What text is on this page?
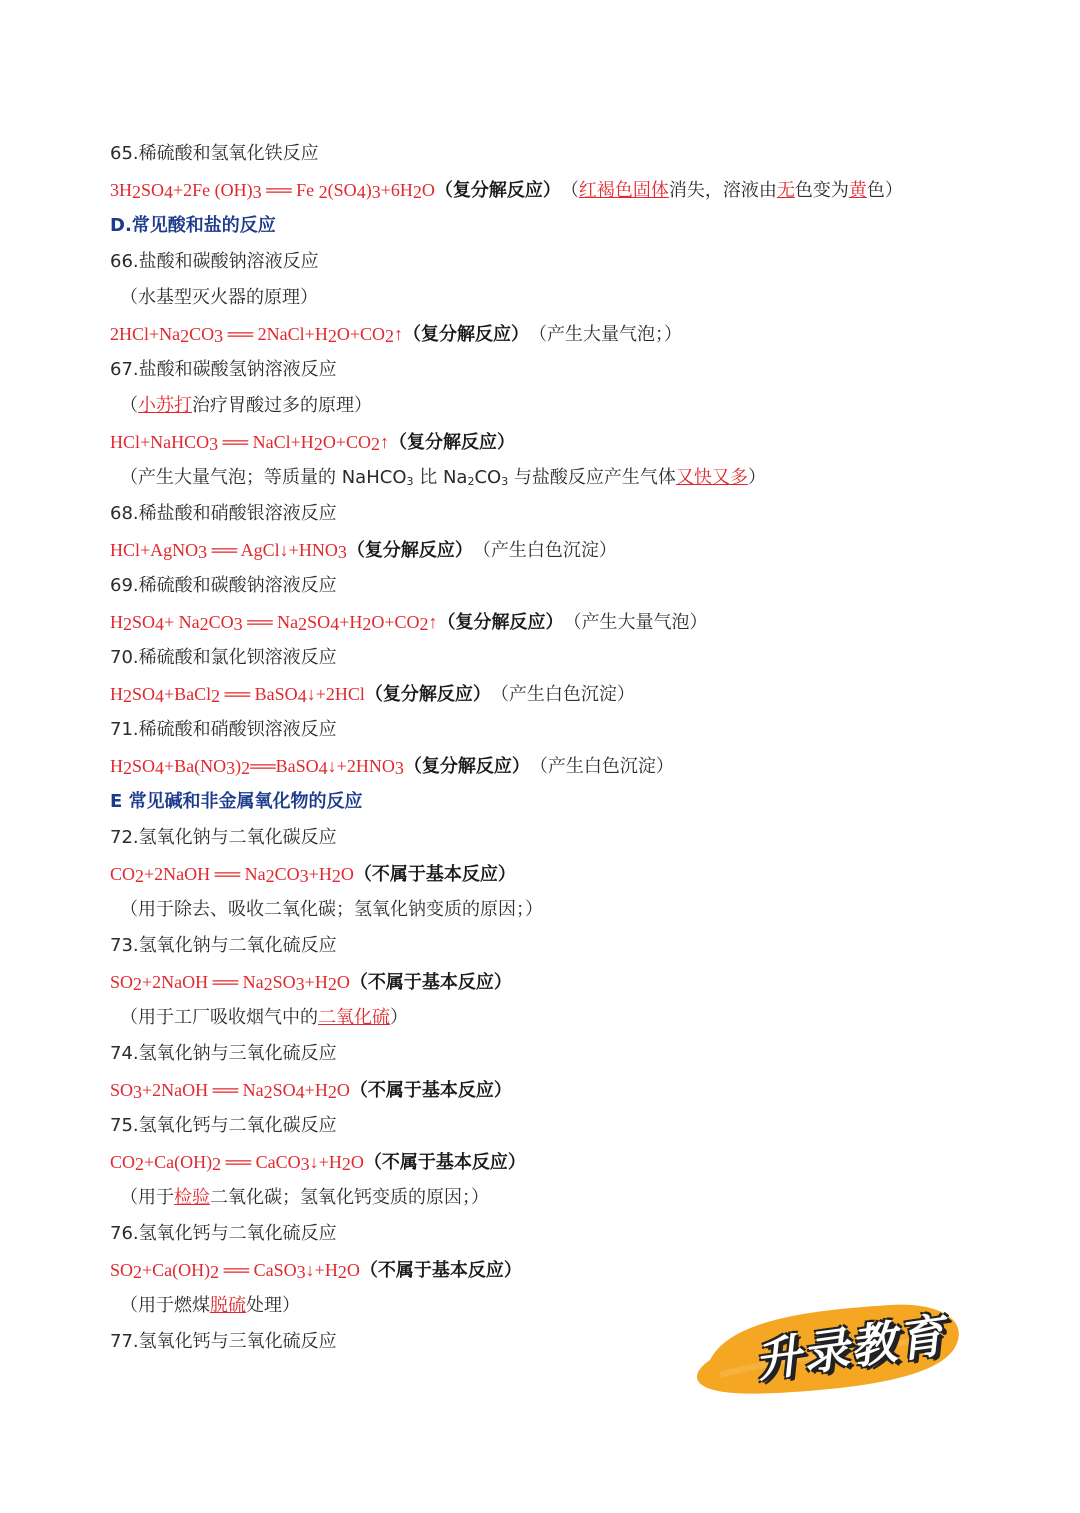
65.稀硫酸和氢氧化铁反应
$3H_2SO_4+2Fe$ $(OH)_3$ ══ Fe $_2(SO_4)_3+6H_2O$（复分解反应）　（红褐色固体消失，溶液由无色变为黄色）
D.常见酸和盐的反应
66.盐酸和碳酸钠溶液反应
（水基型灭火器的原理）
$2HCl+Na_2CO_3$ ══ $2NaCl+H_2O+CO_2↑$（复分解反应）　（产生大量气泡；）
67.盐酸和碳酸氢钠溶液反应
（小苏打治疗胃酸过多的原理）
HCl+NaHCO$_3$ ══ $NaCl+H_2O+CO_2↑$（复分解反应）
（产生大量气泡；等质量的 NaHCO$_3$ 比 $Na_2CO_3$ 与盐酸反应产生气体又快又多）
68.稀盐酸和硝酸银溶液反应
HCl+AgNO$_3$ ══ $AgCl↓+HNO_3$（复分解反应）　（产生白色沉淀）
69.稀硫酸和碳酸钠溶液反应
$H_2SO_4+ Na_2CO_3$ ══ $Na_2SO_4+H_2O+CO_2↑$（复分解反应）　（产生大量气泡）
70.稀硫酸和氯化钡溶液反应
$H_2SO_4+BaCl_2$ ══ BaSO$_4$↓+2HCl（复分解反应）　（产生白色沉淀）
71.稀硫酸和硝酸钡溶液反应
$H_2SO_4+Ba(NO_3)_2══BaSO_4↓+2HNO_3$（复分解反应）　（产生白色沉淀）
E 常见碱和非金属氧化物的反应
72.氢氧化钠与二氧化碳反应
$CO_2+2NaOH$ ══ $Na_2CO_3+H_2O$（不属于基本反应）
（用于除去、吸收二氧化碳；氢氧化钠变质的原因；）
73.氢氧化钠与二氧化硫反应
$SO_2+2NaOH$ ══ $Na_2SO_3+H_2O$（不属于基本反应）
（用于工厂吸收烟气中的二氧化硫）
74.氢氧化钠与三氧化硫反应
$SO_3+2NaOH$ ══ $Na_2SO_4+H_2O$（不属于基本反应）
75.氢氧化钙与二氧化碳反应
$CO_2+Ca(OH)_2$ ══ $CaCO_3↓+H_2O$（不属于基本反应）
（用于检验二氧化碳；氢氧化钙变质的原因；）
76.氢氧化钙与二氧化硫反应
$SO_2+Ca(OH)_2$ ══ $CaSO_3↓+H_2O$（不属于基本反应）
（用于燃煤脱硫处理）
77.氢氧化钙与三氧化硫反应	升录教育
